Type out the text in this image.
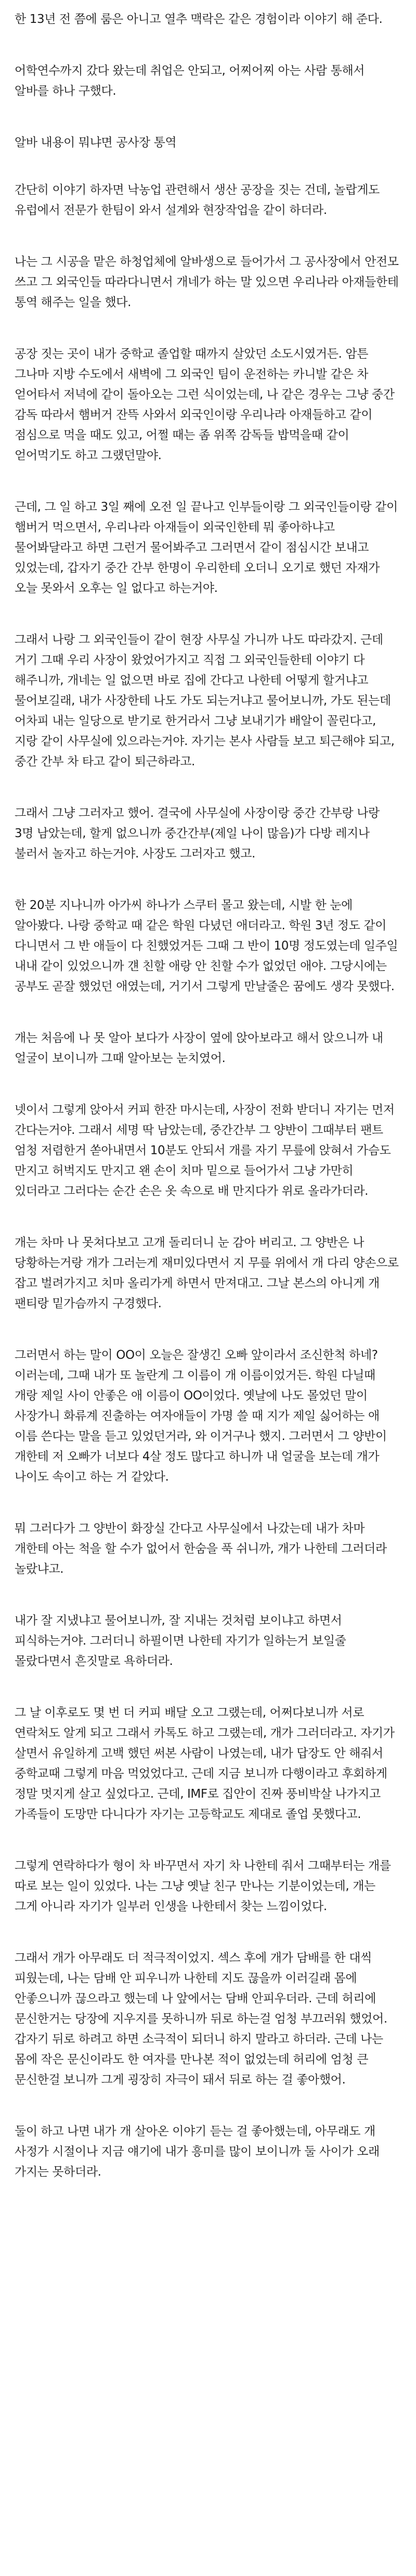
한 13년 전 쯤에 룸은 아니고 열추 맥락은 같은 경험이라 이야기 해 준다.

어학연수까지 갔다 왔는데 취업은 안되고, 어찌어찌 아는 사람 통해서 알바를 하나 구했다.

알바 내용이 뭐냐면 공사장 통역

간단히 이야기 하자면 낙농업 관련해서 생산 공장을 짓는 건데, 놀랍게도 유럽에서 전문가 한팀이 와서 설계와 현장작업을 같이 하더라.

나는 그 시공을 맡은 하청업체에 알바생으로 들어가서 그 공사장에서 안전모 쓰고 그 외국인들 따라다니면서 개네가 하는 말 있으면 우리나라 아재들한테 통역 해주는 일을 했다.

공장 짓는 곳이 내가 중학교 졸업할 때까지 살았던 소도시였거든. 암튼 그나마 지방 수도에서 새벽에 그 외국인 팀이 운전하는 카니발 같은 차 얻어타서 저녁에 같이 돌아오는 그런 식이었는데, 나 같은 경우는 그냥 중간 감독 따라서 햄버거 잔뜩 사와서 외국인이랑 우리나라 아재들하고 같이 점심으로 먹을 때도 있고, 어쩔 때는 좀 위쪽 감독들 밥먹을때 같이 얻어먹기도 하고 그랬던말야.

근데, 그 일 하고 3일 째에 오전 일 끝나고 인부들이랑 그 외국인들이랑 같이 햄버거 먹으면서, 우리나라 아재들이 외국인한테 뭐 좋아하냐고 물어봐달라고 하면 그런거 물어봐주고 그러면서 같이 점심시간 보내고 있었는데, 갑자기 중간 간부 한명이 우리한테 오더니 오기로 했던 자재가 오늘 못와서 오후는 일 없다고 하는거야.

그래서 나랑 그 외국인들이 같이 현장 사무실 가니까 나도 따라갔지. 근데 거기 그때 우리 사장이 왔었어가지고 직접 그 외국인들한테 이야기 다 해주니까, 개네는 일 없으면 바로 집에 간다고 나한테 어떻게 할거냐고 물어보길래, 내가 사장한테 나도 가도 되는거냐고 물어보니까, 가도 된는데 어차피 내는 일당으로 받기로 한거라서 그냥 보내기가 배알이 꼴린다고, 지랑 같이 사무실에 있으라는거야. 자기는 본사 사람들 보고 퇴근해야 되고, 중간 간부 차 타고 같이 퇴근하라고.

그래서 그냥 그러자고 했어. 결국에 사무실에 사장이랑 중간 간부랑 나랑 3명 남았는데, 할게 없으니까 중간간부(제일 나이 많음)가 다방 레지나 불러서 놀자고 하는거야. 사장도 그러자고 했고.

한 20분 지나니까 아가씨 하나가 스쿠터 몰고 왔는데, 시발 한 눈에 알아봤다. 나랑 중학교 때 같은 학원 다녔던 애더라고. 학원 3년 정도 같이 다니면서 그 반 애들이 다 친했었거든 그때 그 반이 10명 정도였는데 일주일 내내 같이 있었으니까 걘 친할 애랑 안 친할 수가 없었던 애야. 그당시에는 공부도 곧잘 했었던 애였는데, 거기서 그렇게 만날줄은 꿈에도 생각 못했다.

개는 처음에 나 못 알아 보다가 사장이 옆에 앉아보라고 해서 앉으니까 내 얼굴이 보이니까 그때 알아보는 눈치였어.

넷이서 그렇게 앉아서 커피 한잔 마시는데, 사장이 전화 받더니 자기는 먼저 간다는거야. 그래서 세명 딱 남았는데, 중간간부 그 양반이 그때부터 팬트 엄청 저렴한거 쏟아내면서 10분도 안되서 개를 자기 무릎에 앉혀서 가슴도 만지고 허벅지도 만지고 왠 손이 치마 밑으로 들어가서 그냥 가만히 있더라고 그러다는 순간 손은 옷 속으로 배 만지다가 위로 올라가더라.

개는 차마 나 못쳐다보고 고개 돌리더니 눈 감아 버리고. 그 양반은 나 당황하는거랑 개가 그러는게 재미있다면서 지 무릎 위에서 개 다리 양손으로 잡고 벌려가지고 치마 올리가게 하면서 만져대고. 그날 본스의 아니게 개 팬티랑 밑가슴까지 구경했다.

그러면서 하는 말이 OO이 오늘은 잘생긴 오빠 앞이라서 조신한척 하네? 이러는데, 그때 내가 또 놀란게 그 이름이 개 이름이었거든. 학원 다닐때 개랑 제일 사이 안좋은 애 이름이 OO이었다. 옛날에 나도 몰었던 말이 사장가니 화류계 진출하는 여자애들이 가명 쓸 때 지가 제일 싫어하는 애 이름 쓴다는 말을 듣고 있었던거라, 와 이거구나 했지. 그러면서 그 양반이 개한테 저 오빠가 너보다 4살 정도 많다고 하니까 내 얼굴을 보는데 개가 나이도 속이고 하는 거 같았다.

뭐 그러다가 그 양반이 화장실 간다고 사무실에서 나갔는데 내가 차마 개한테 아는 척을 할 수가 없어서 한숨을 푹 쉬니까, 개가 나한테 그러더라 놀랐냐고.

내가 잘 지냈냐고 물어보니까, 잘 지내는 것처럼 보이냐고 하면서 피식하는거야. 그러더니 하필이면 나한테 자기가 일하는거 보일줄 몰랐다면서 흔짓말로 욕하더라.

그 날 이후로도 몇 번 더 커피 배달 오고 그랬는데, 어쩌다보니까 서로 연락처도 알게 되고 그래서 카톡도 하고 그랬는데, 개가 그러더라고. 자기가 살면서 유일하게 고백 했던 써본 사람이 나였는데, 내가 답장도 안 해줘서 중학교때 그렇게 마음 먹었었다고. 근데 지금 보니까 다행이라고 후회하게 정말 멋지게 살고 싶었다고. 근데, IMF로 집안이 진짜 풍비박살 나가지고 가족들이 도망만 다니다가 자기는 고등학교도 제대로 졸업 못했다고.

그렇게 연락하다가 형이 차 바꾸면서 자기 차 나한테 줘서 그때부터는 개를 따로 보는 일이 있었다. 나는 그냥 옛날 친구 만나는 기분이었는데, 개는 그게 아니라 자기가 일부러 인생을 나한테서 찾는 느낌이었다.

그래서 개가 아무래도 더 적극적이었지. 섹스 후에 개가 담배를 한 대씩 피웠는데, 나는 담배 안 피우니까 나한테 지도 끊을까 이러길래 몸에 안좋으니까 끊으라고 했는데 나 앞에서는 담배 안피우더라. 근데 허리에 문신한거는 당장에 지우지를 못하니까 뒤로 하는걸 엄청 부끄러워 했었어. 갑자기 뒤로 하려고 하면 소극적이 되더니 하지 말라고 하더라. 근데 나는 몸에 작은 문신이라도 한 여자를 만나본 적이 없었는데 허리에 엄청 큰 문신한걸 보니까 그게 굉장히 자극이 돼서 뒤로 하는 걸 좋아했어.

둘이 하고 나면 내가 개 살아온 이야기 듣는 걸 좋아했는데, 아무래도 개 사정가 시절이나 지금 얘기에 내가 흥미를 많이 보이니까 둘 사이가 오래 가지는 못하더라.
